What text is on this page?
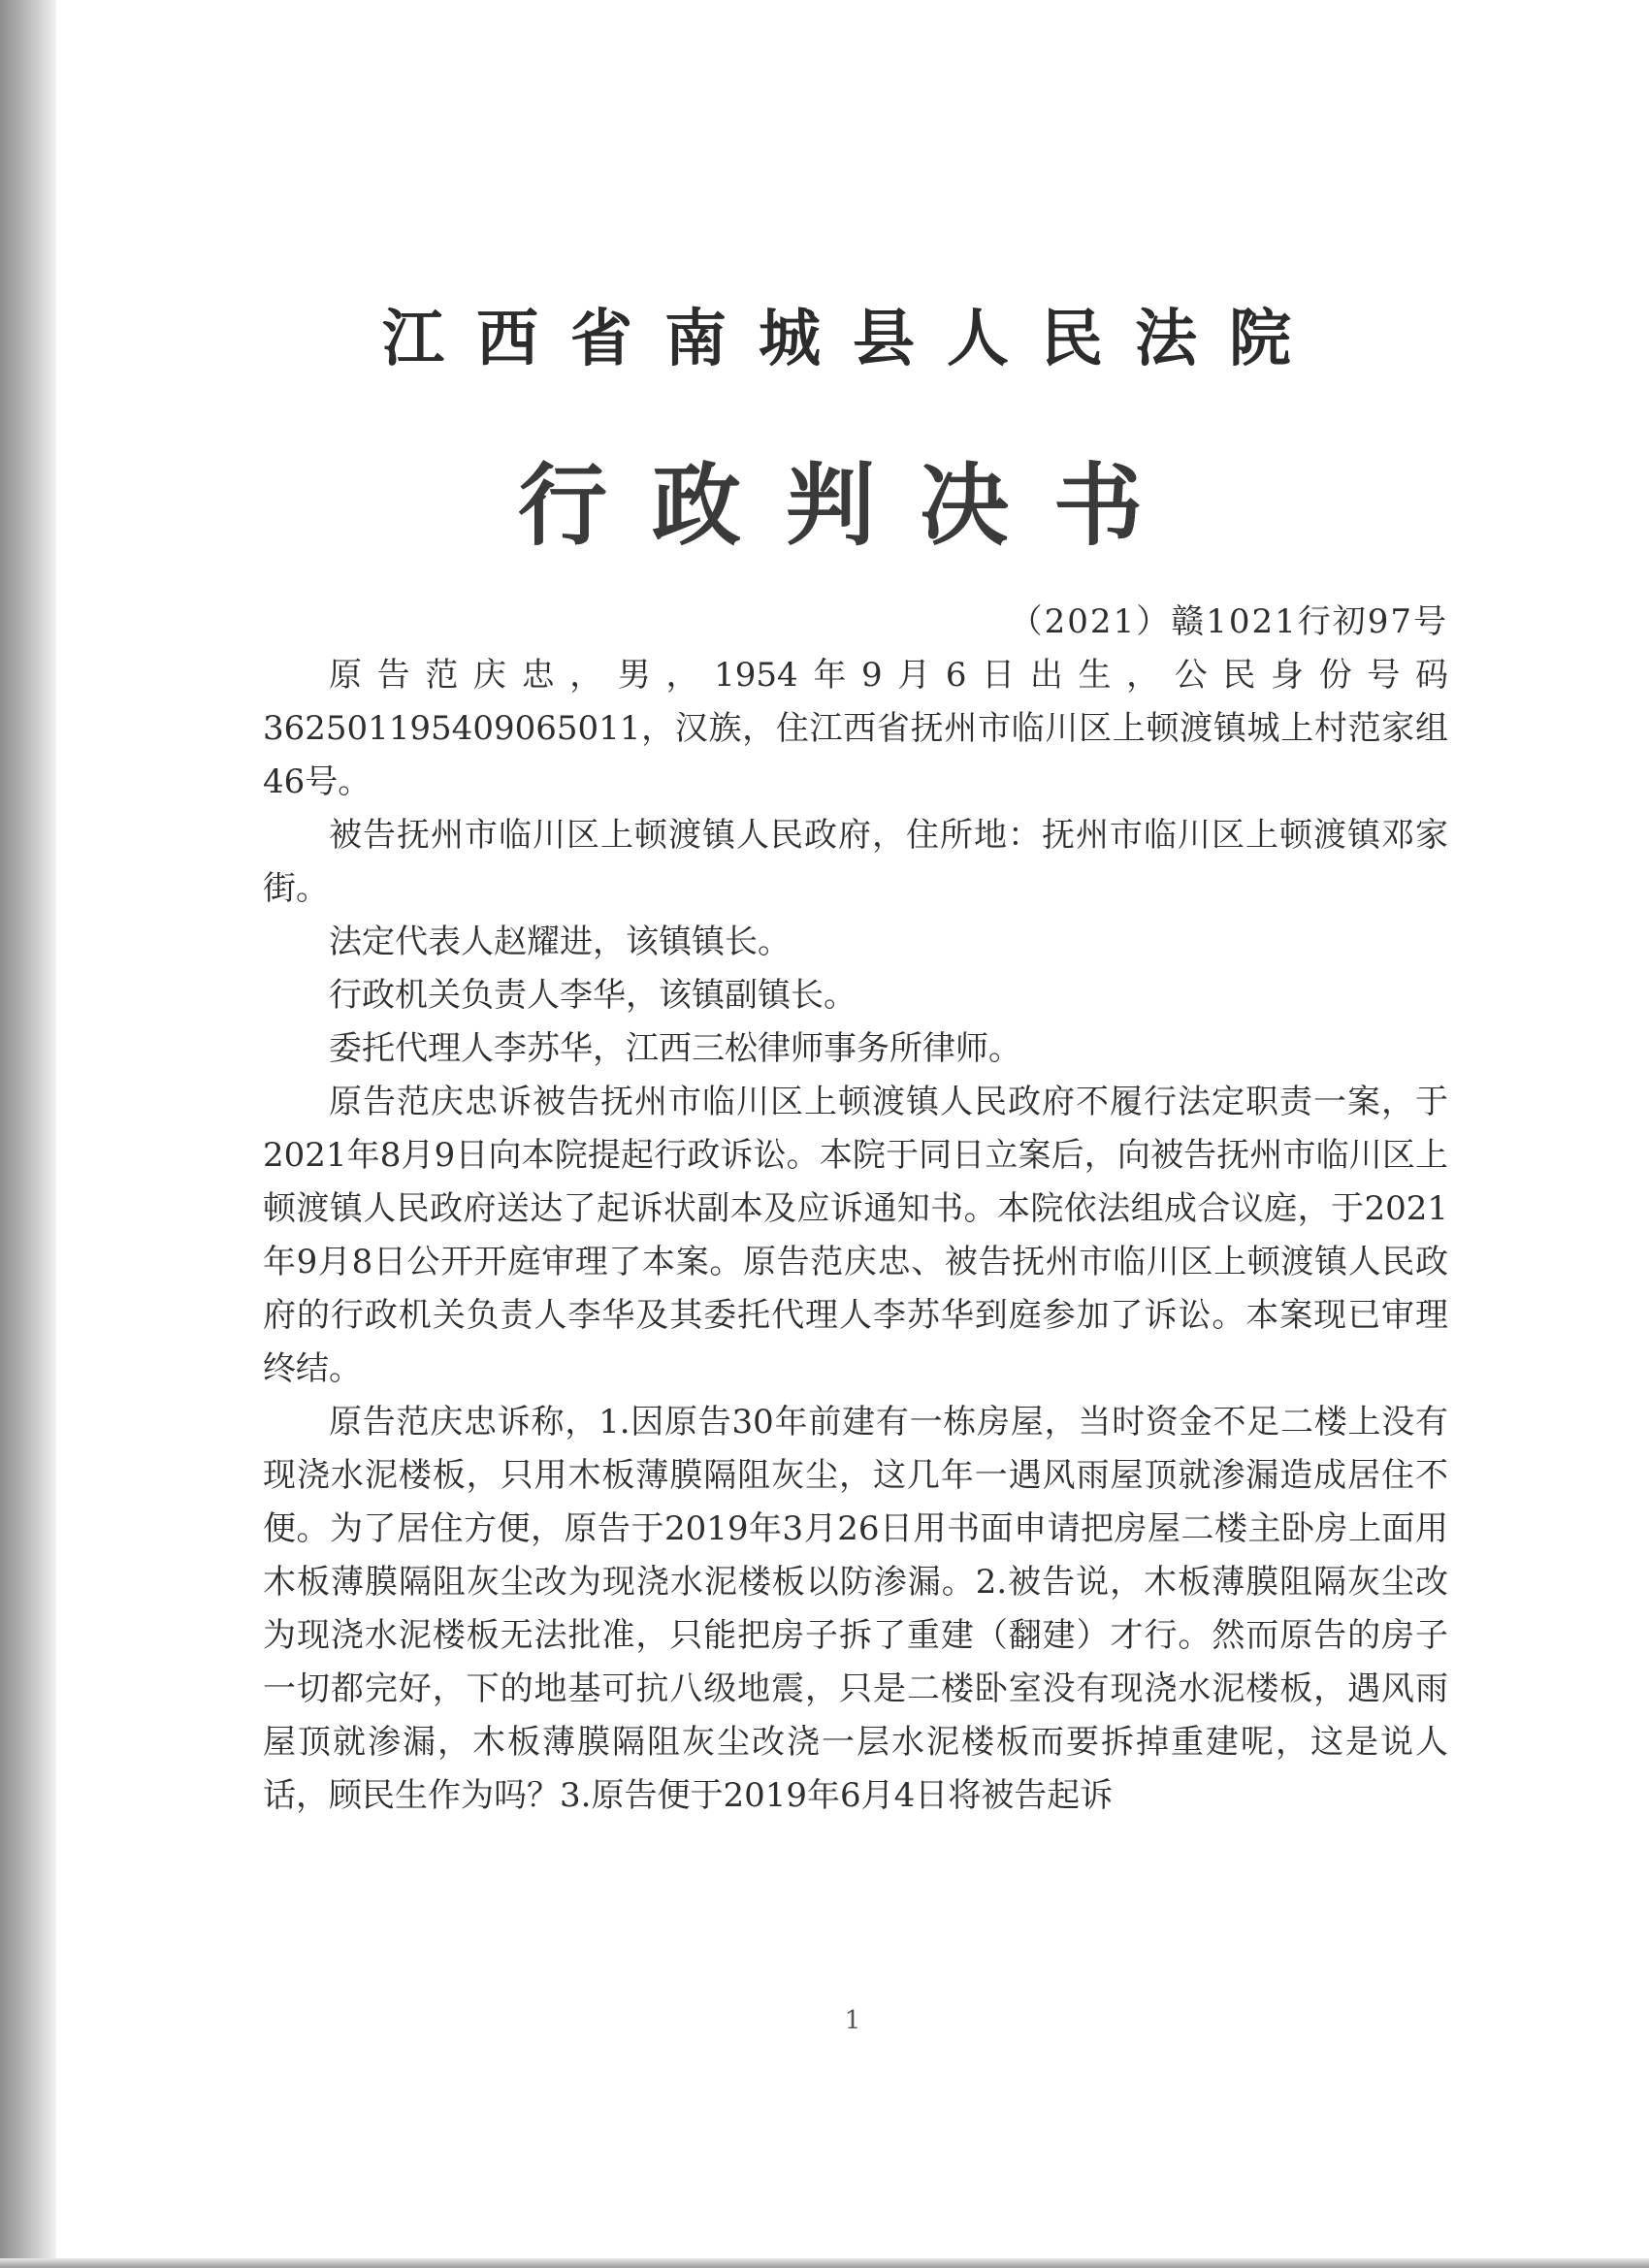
江西省南城县人民法院
行政判决书
（2021）赣1021行初97号

原告范庆忠，男，1954年9月6日出生，公民身份号码362501195409065011，汉族，住江西省抚州市临川区上顿渡镇城上村范家组46号。

被告抚州市临川区上顿渡镇人民政府，住所地：抚州市临川区上顿渡镇邓家街。

法定代表人赵耀进，该镇镇长。

行政机关负责人李华，该镇副镇长。

委托代理人李苏华，江西三松律师事务所律师。

原告范庆忠诉被告抚州市临川区上顿渡镇人民政府不履行法定职责一案，于2021年8月9日向本院提起行政诉讼。本院于同日立案后，向被告抚州市临川区上顿渡镇人民政府送达了起诉状副本及应诉通知书。本院依法组成合议庭，于2021年9月8日公开开庭审理了本案。原告范庆忠、被告抚州市临川区上顿渡镇人民政府的行政机关负责人李华及其委托代理人李苏华到庭参加了诉讼。本案现已审理终结。

原告范庆忠诉称，1.因原告30年前建有一栋房屋，当时资金不足二楼上没有现浇水泥楼板，只用木板薄膜隔阻灰尘，这几年一遇风雨屋顶就渗漏造成居住不便。为了居住方便，原告于2019年3月26日用书面申请把房屋二楼主卧房上面用木板薄膜隔阻灰尘改为现浇水泥楼板以防渗漏。2.被告说，木板薄膜阻隔灰尘改为现浇水泥楼板无法批准，只能把房子拆了重建（翻建）才行。然而原告的房子一切都完好，下的地基可抗八级地震，只是二楼卧室没有现浇水泥楼板，遇风雨屋顶就渗漏，木板薄膜隔阻灰尘改浇一层水泥楼板而要拆掉重建呢，这是说人话，顾民生作为吗？3.原告便于2019年6月4日将被告起诉

1
